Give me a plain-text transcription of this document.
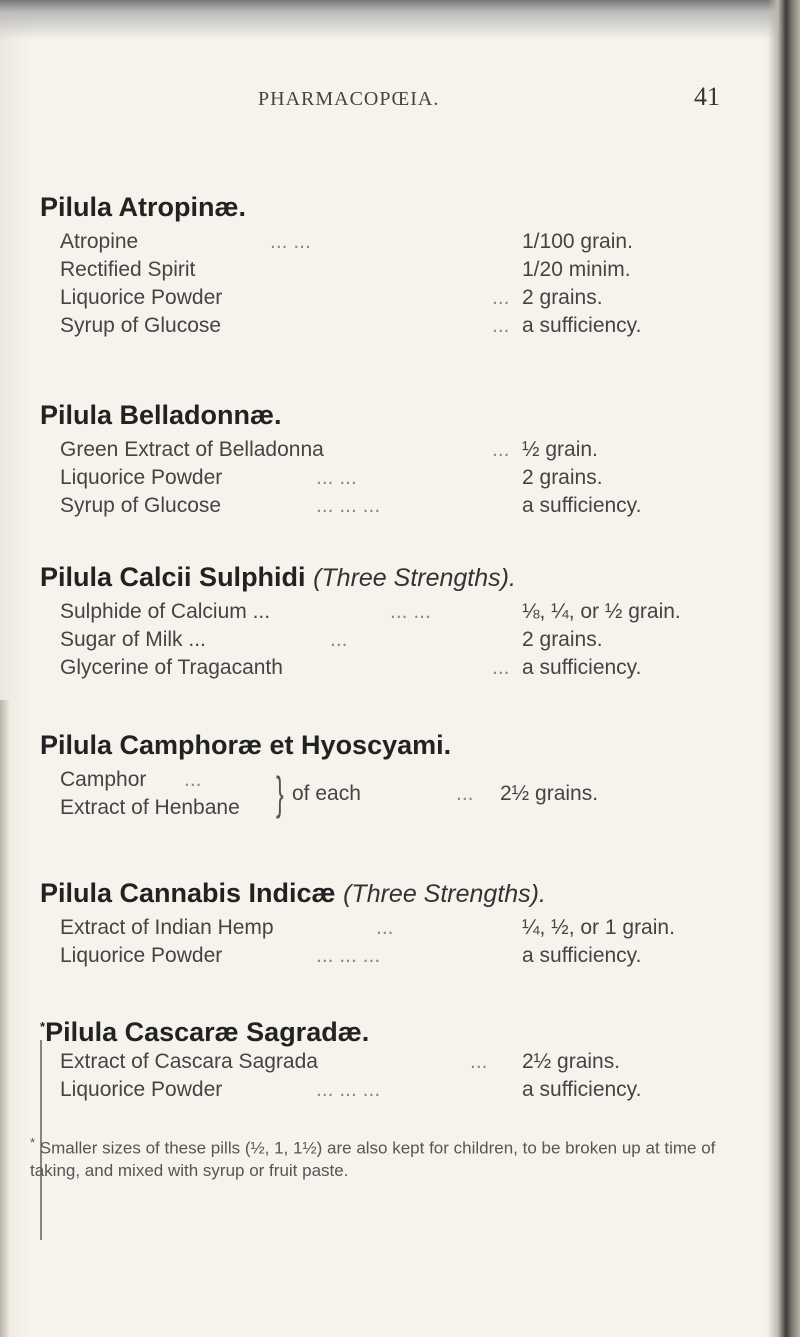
PHARMACOPŒIA.	41
Pilula Atropinæ.
Atropine	... ...	1/100 grain.
Rectified Spirit	1/20 minim.
Liquorice Powder	... 2 grains.
Syrup of Glucose	... a sufficiency.
Pilula Belladonnæ.
Green Extract of Belladonna	... ½ grain.
Liquorice Powder	... ...	2 grains.
Syrup of Glucose	... ... ...	a sufficiency.
Pilula Calcii Sulphidi (Three Strengths).
Sulphide of Calcium ...	... ...	⅛, ¼, or ½ grain.
Sugar of Milk ...	...	2 grains.
Glycerine of Tragacanth	... a sufficiency.
Pilula Camphoræ et Hyoscyami.
Camphor ...
Extract of Henbane } of each	... 2½ grains.
Pilula Cannabis Indicæ (Three Strengths).
Extract of Indian Hemp	...	¼, ½, or 1 grain.
Liquorice Powder	... ... ...	a sufficiency.
*Pilula Cascaræ Sagradæ.
Extract of Cascara Sagrada	... 2½ grains.
Liquorice Powder	... ... ...	a sufficiency.
* Smaller sizes of these pills (½, 1, 1½) are also kept for children, to be broken up at time of taking, and mixed with syrup or fruit paste.
